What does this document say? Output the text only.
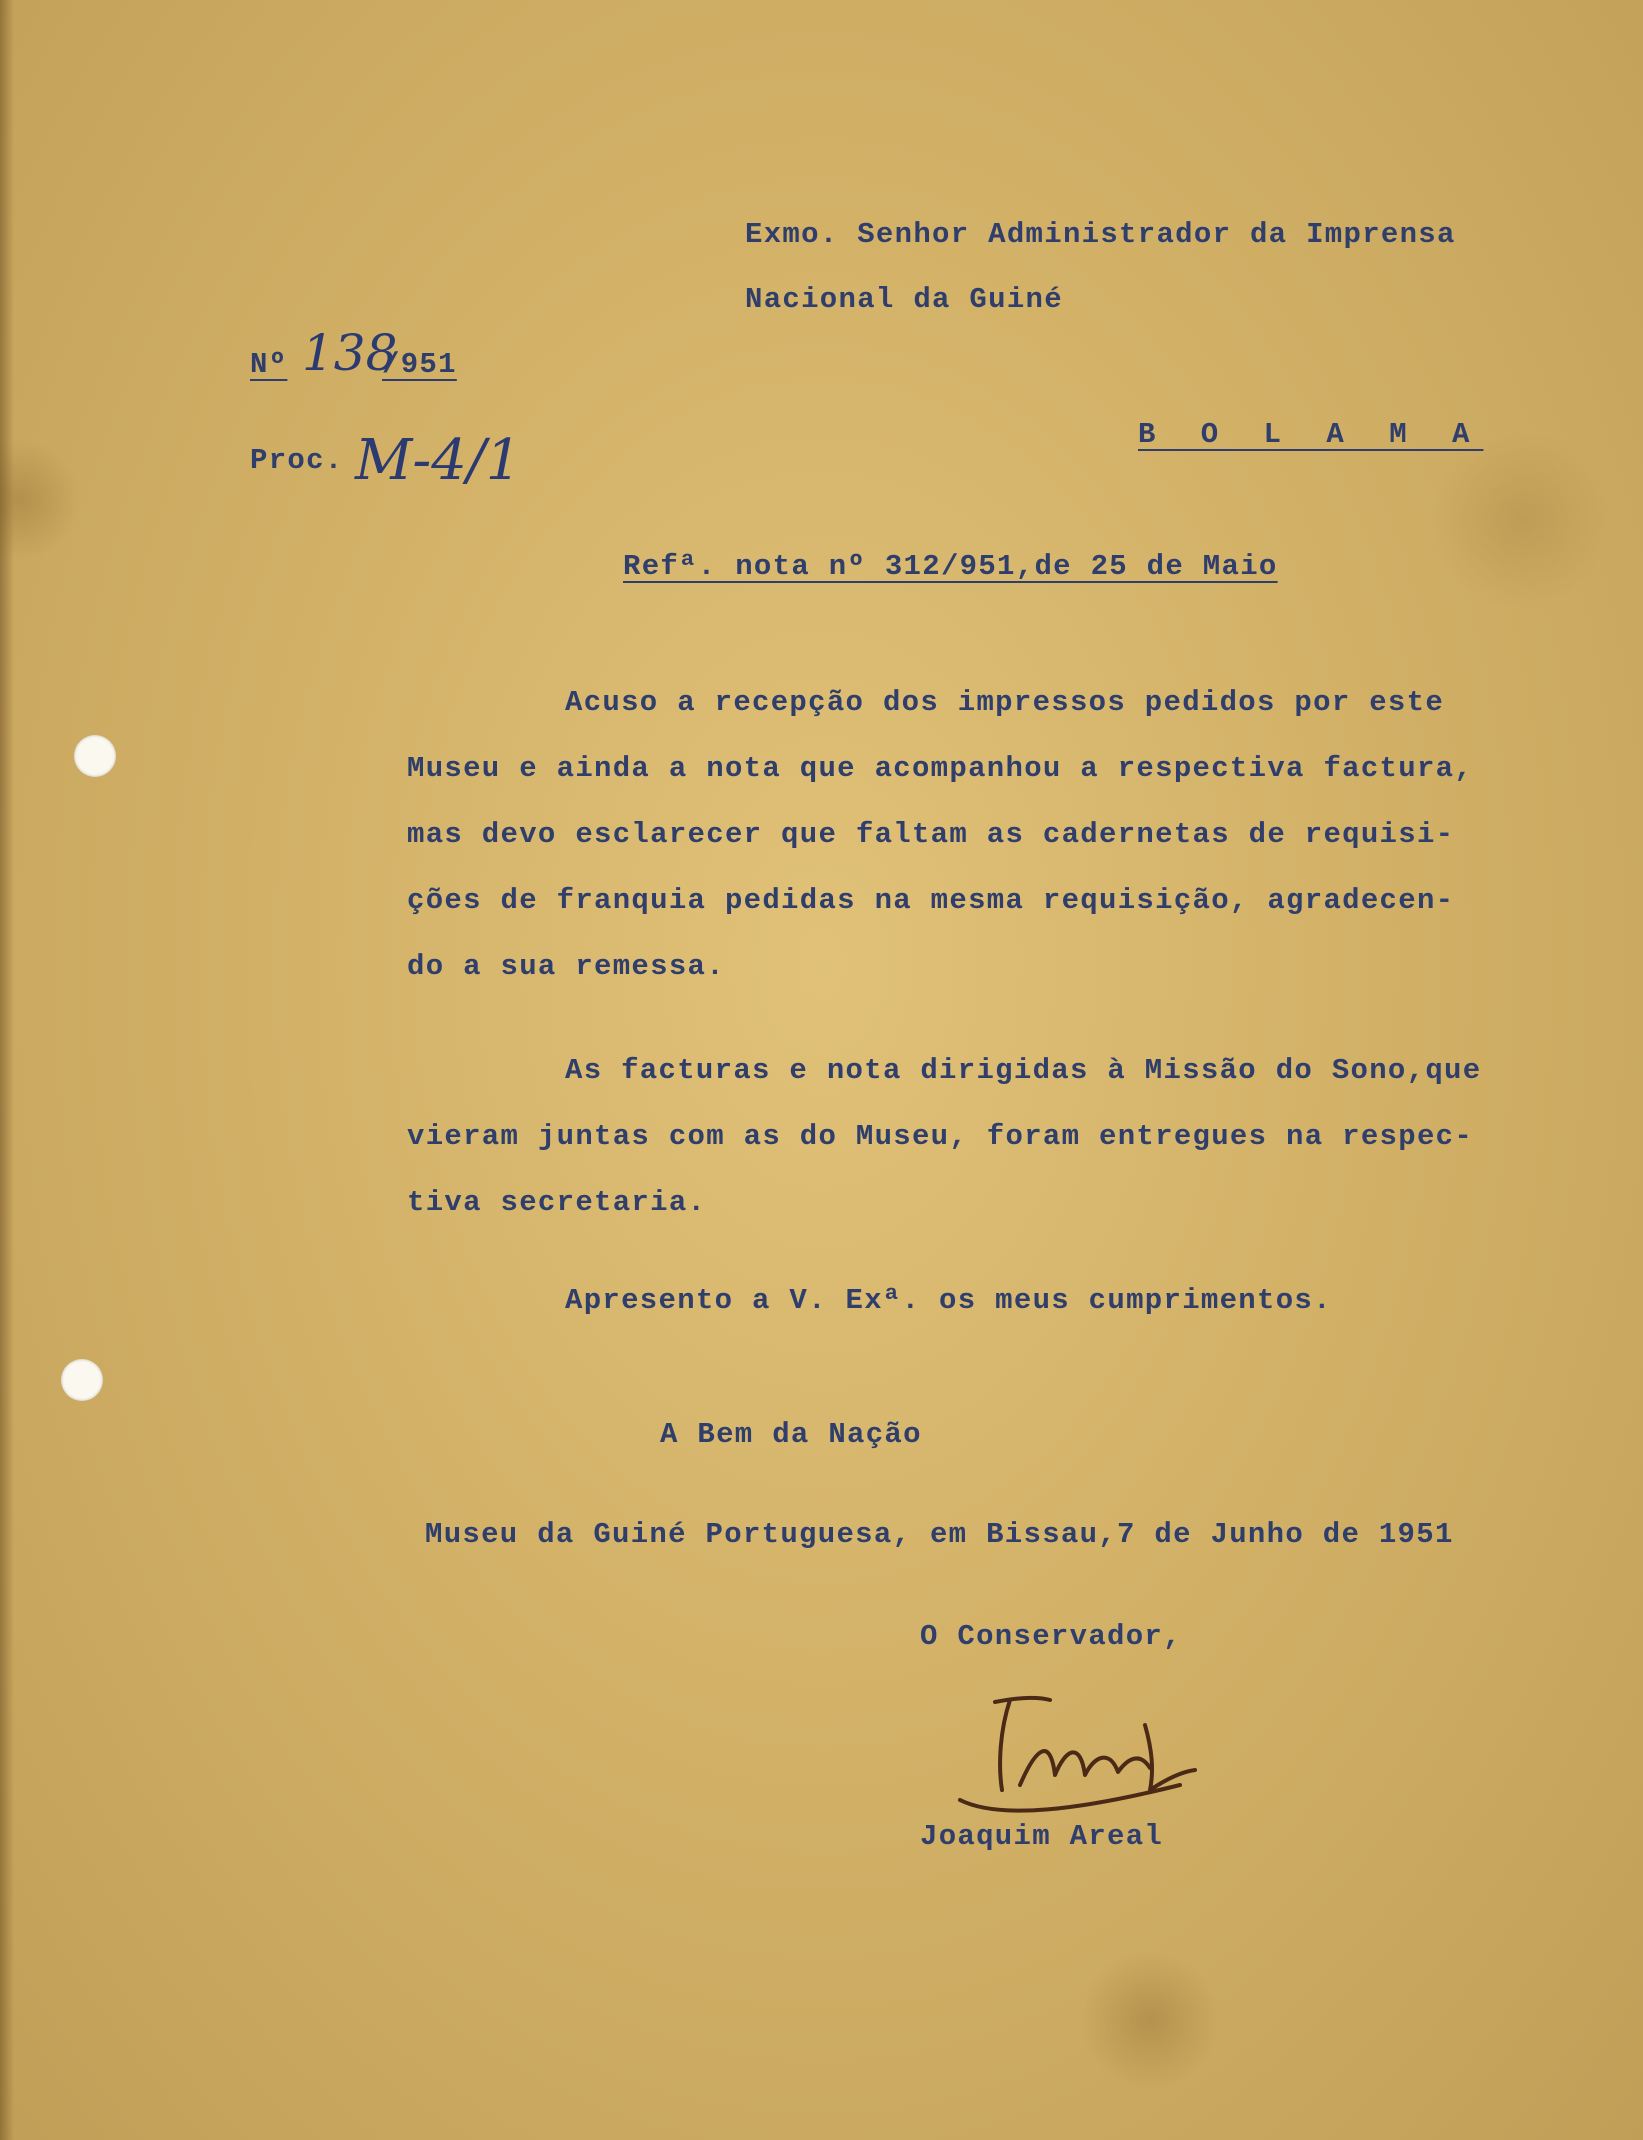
Exmo. Senhor Administrador da Imprensa
Nacional da Guiné
Nº 138
/951
Proc. M-4/1	B O L A M A
Refª. nota nº 312/951,de 25 de Maio
Acuso a recepção dos impressos pedidos por este
Museu e ainda a nota que acompanhou a respectiva factura,
mas devo esclarecer que faltam as cadernetas de requisi-
ções de franquia pedidas na mesma requisição, agradecen-
do a sua remessa.
As facturas e nota dirigidas à Missão do Sono,que
vieram juntas com as do Museu, foram entregues na respec-
tiva secretaria.
Apresento a V. Exª. os meus cumprimentos.
A Bem da Nação
Museu da Guiné Portuguesa, em Bissau,7 de Junho de 1951
O Conservador,
Joaquim Areal
